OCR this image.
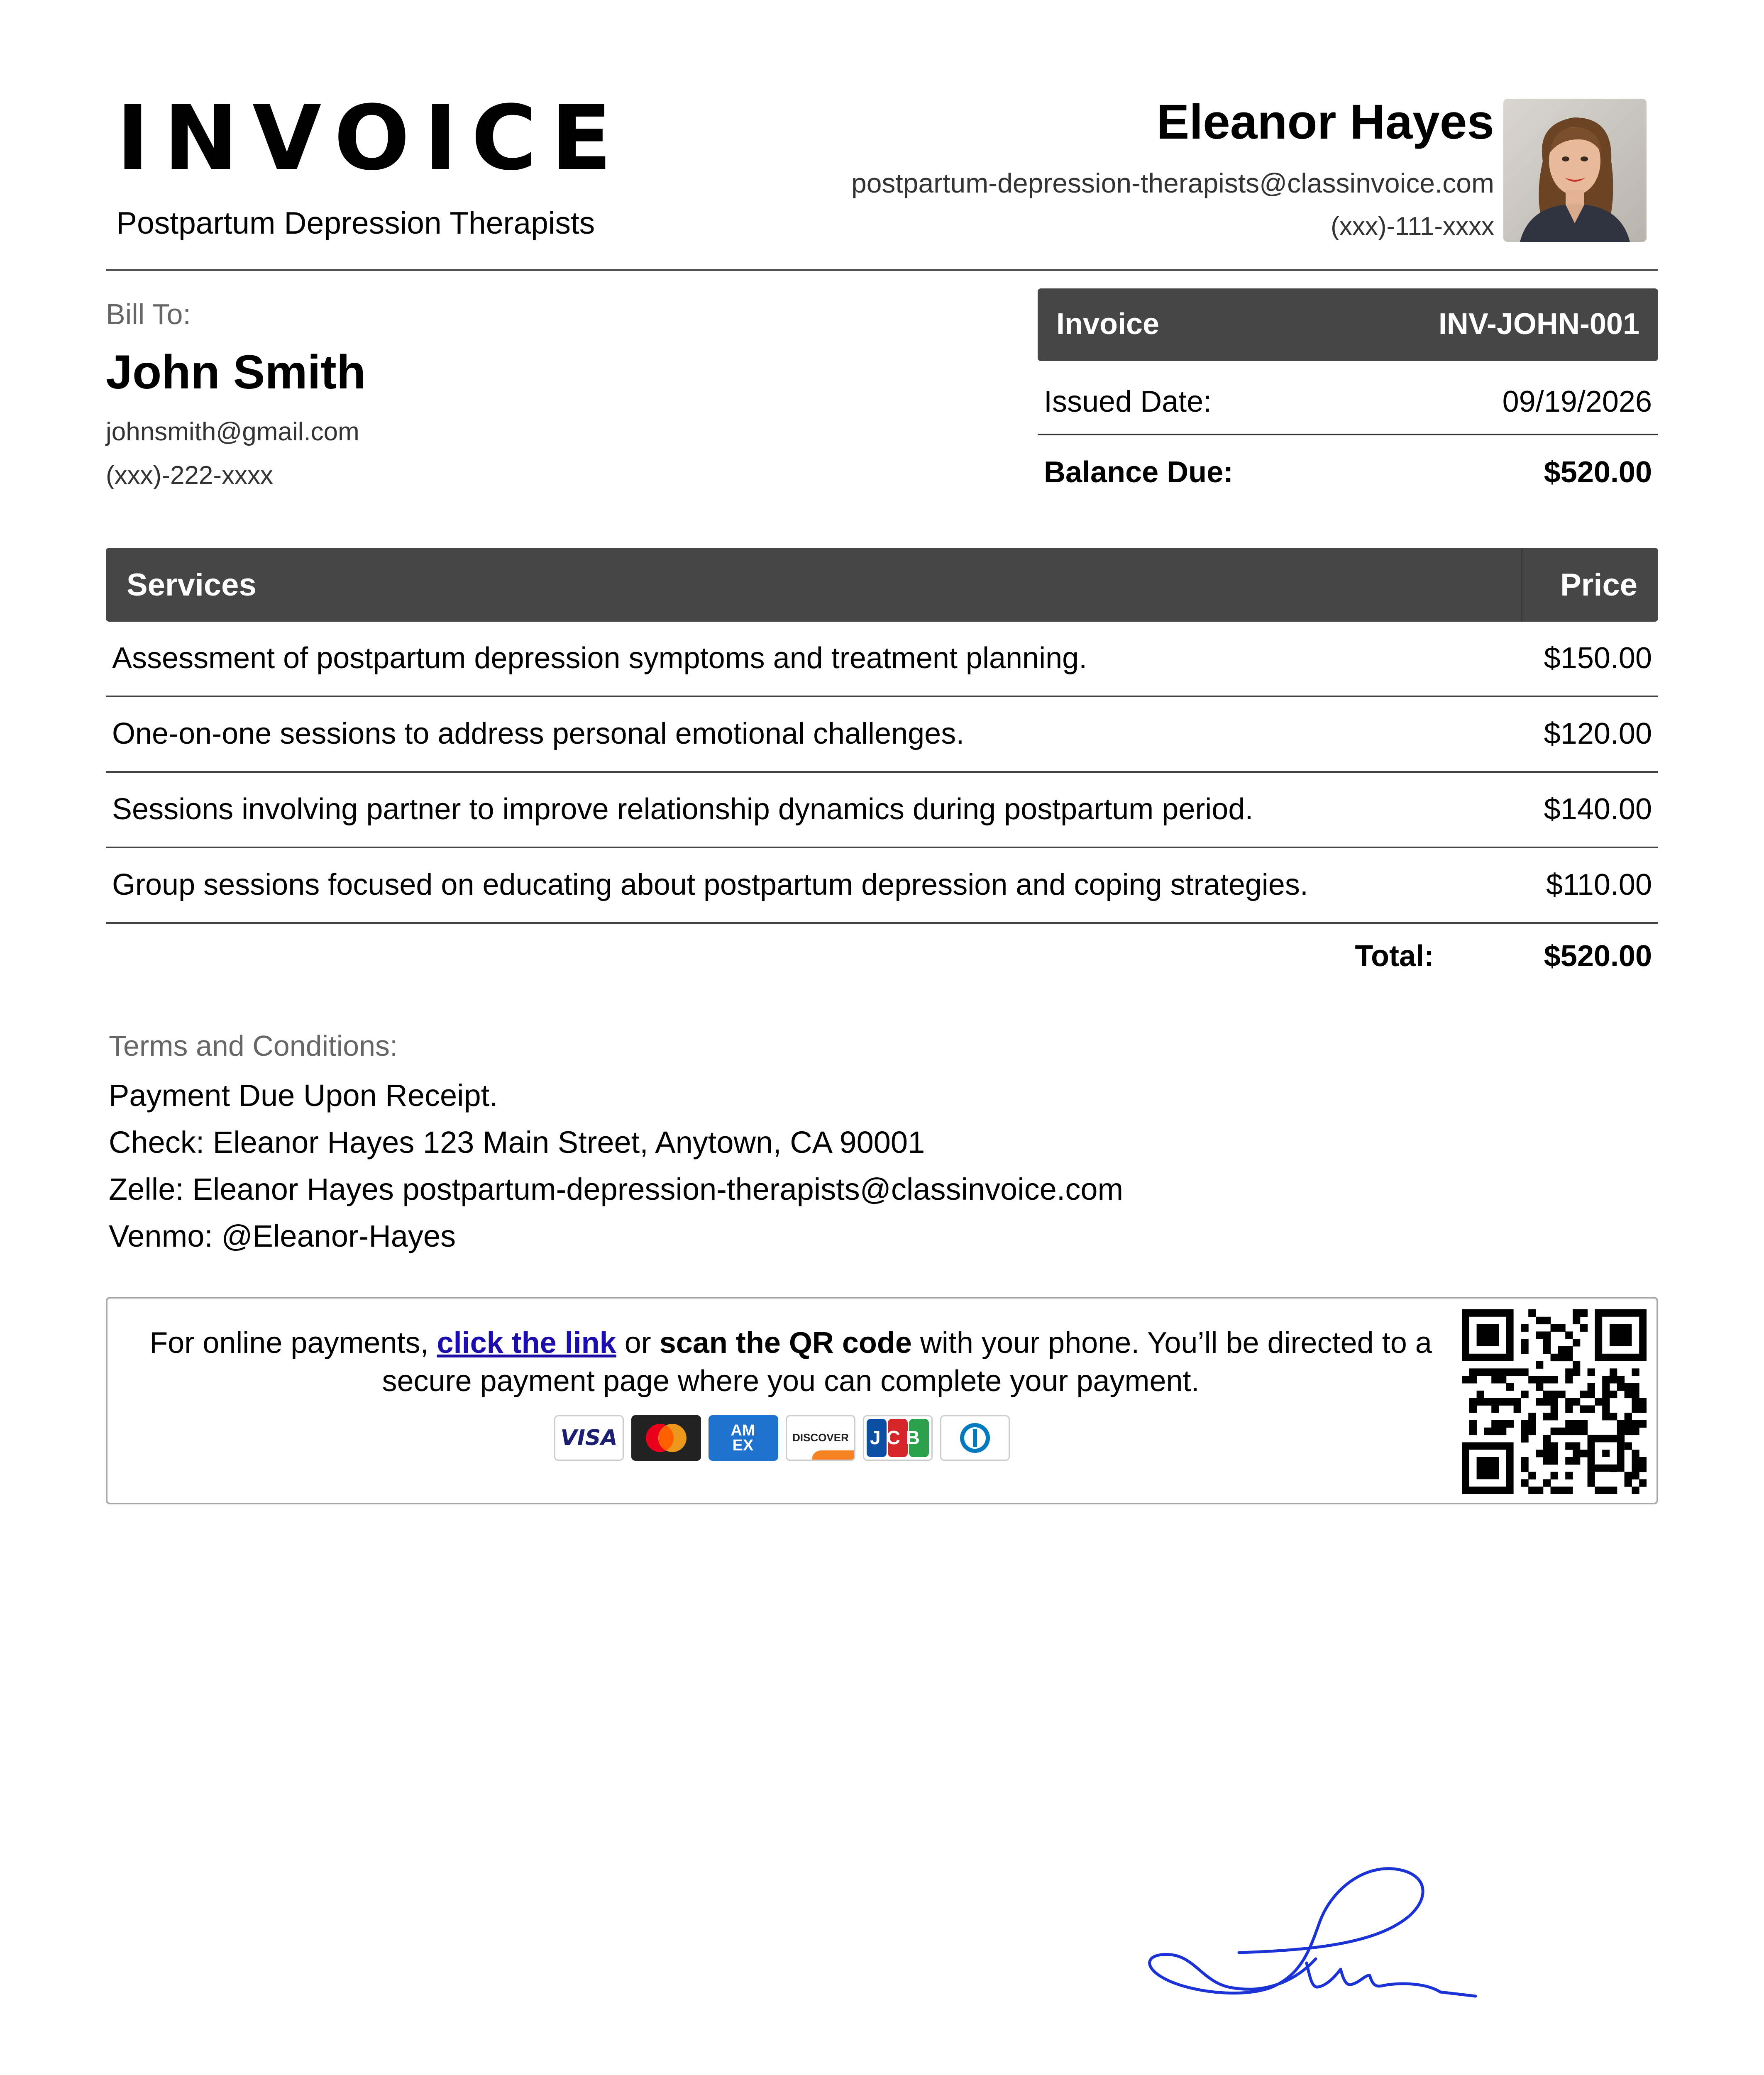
INVOICE
Postpartum Depression Therapists
Eleanor Hayes
postpartum-depression-therapists@classinvoice.com
(xxx)-111-xxxx
Bill To:
John Smith
johnsmith@gmail.com
(xxx)-222-xxxx
Invoice	INV-JOHN-001
Issued Date:	09/19/2026
Balance Due:	$520.00
Services	Price
Assessment of postpartum depression symptoms and treatment planning.	$150.00
One-on-one sessions to address personal emotional challenges.	$120.00
Sessions involving partner to improve relationship dynamics during postpartum period.	$140.00
Group sessions focused on educating about postpartum depression and coping strategies.	$110.00
Total:	$520.00
Terms and Conditions:
Payment Due Upon Receipt.
Check: Eleanor Hayes 123 Main Street, Anytown, CA 90001
Zelle: Eleanor Hayes postpartum-depression-therapists@classinvoice.com
Venmo: @Eleanor-Hayes
For online payments, click the link or scan the QR code with your phone. You’ll be directed to a secure payment page where you can complete your payment.
VISA	AM EX	DISCOVER	JCB
